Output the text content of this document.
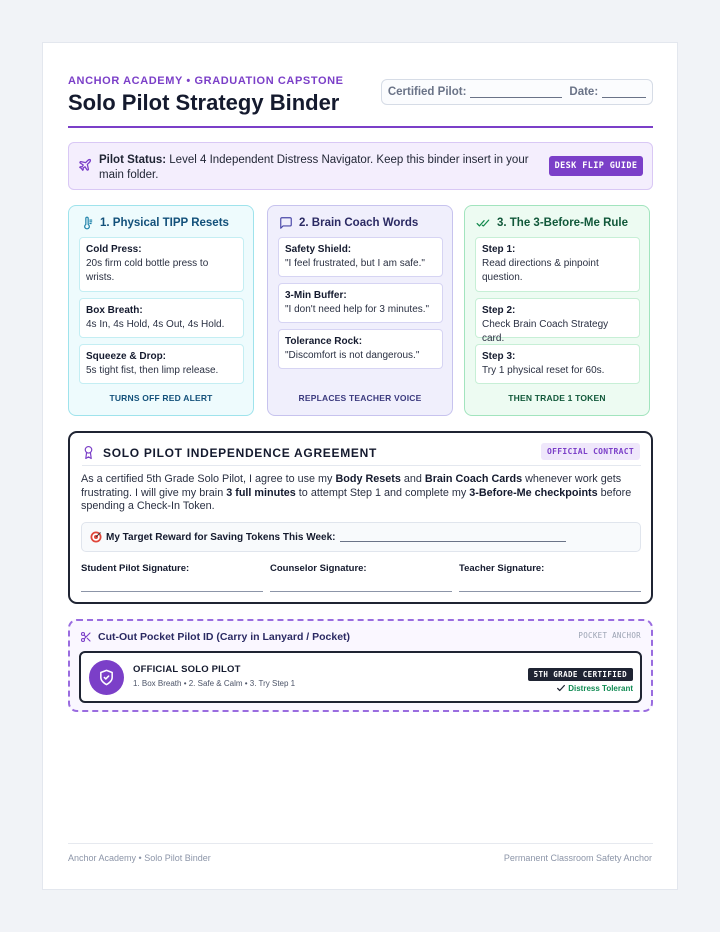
ANCHOR ACADEMY • GRADUATION CAPSTONE
Solo Pilot Strategy Binder	Certified Pilot:	Date:
Pilot Status: Level 4 Independent Distress Navigator. Keep this binder insert in your main folder.
DESK FLIP GUIDE
1. Physical TIPP Resets
Cold Press:
20s firm cold bottle press to wrists.
Box Breath:
4s In, 4s Hold, 4s Out, 4s Hold.
Squeeze & Drop:
5s tight fist, then limp release.
TURNS OFF RED ALERT
2. Brain Coach Words
Safety Shield:
"I feel frustrated, but I am safe."
3-Min Buffer:
"I don't need help for 3 minutes."
Tolerance Rock:
"Discomfort is not dangerous."
REPLACES TEACHER VOICE
3. The 3-Before-Me Rule
Step 1:
Read directions & pinpoint question.
Step 2:
Check Brain Coach Strategy card.
Step 3:
Try 1 physical reset for 60s.
THEN TRADE 1 TOKEN
SOLO PILOT INDEPENDENCE AGREEMENT	OFFICIAL CONTRACT
As a certified 5th Grade Solo Pilot, I agree to use my Body Resets and Brain Coach Cards whenever work gets frustrating. I will give my brain 3 full minutes to attempt Step 1 and complete my 3-Before-Me checkpoints before spending a Check-In Token.
My Target Reward for Saving Tokens This Week:
Student Pilot Signature:	Counselor Signature:	Teacher Signature:
Cut-Out Pocket Pilot ID (Carry in Lanyard / Pocket)	POCKET ANCHOR
OFFICIAL SOLO PILOT
1. Box Breath • 2. Safe & Calm • 3. Try Step 1
5TH GRADE CERTIFIED
Distress Tolerant
Anchor Academy • Solo Pilot Binder	Permanent Classroom Safety Anchor
